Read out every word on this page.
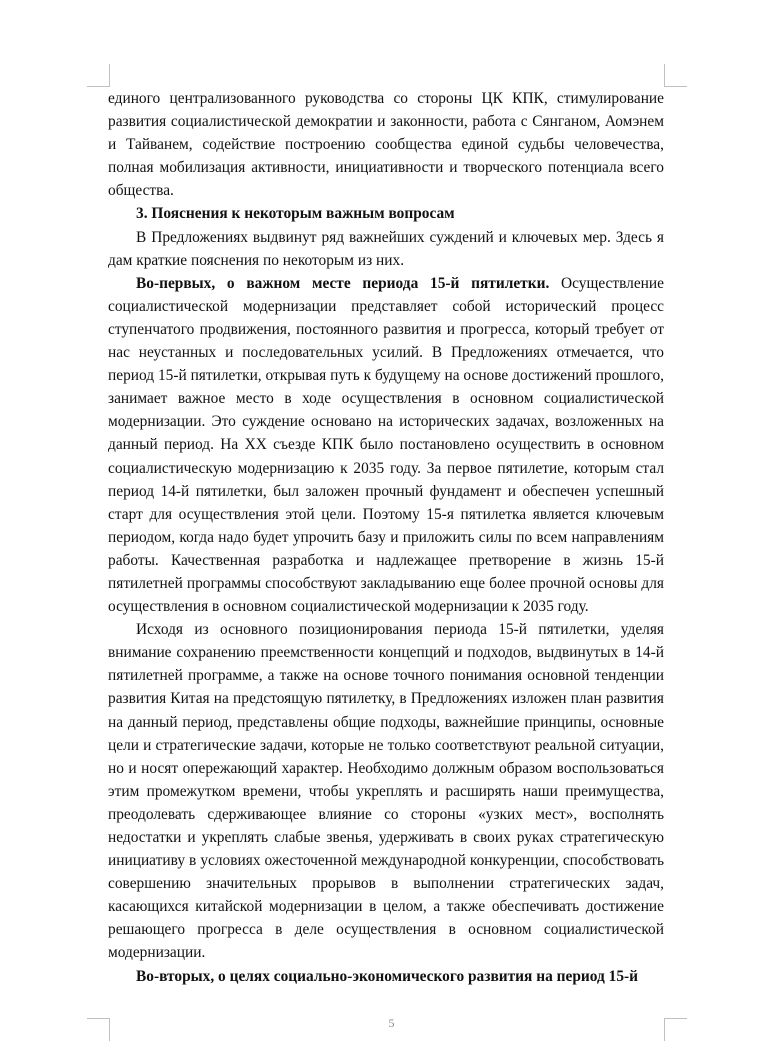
единого централизованного руководства со стороны ЦК КПК, стимулирование развития социалистической демократии и законности, работа с Сянганом, Аомэнем и Тайванем, содействие построению сообщества единой судьбы человечества, полная мобилизация активности, инициативности и творческого потенциала всего общества.

3. Пояснения к некоторым важным вопросам

В Предложениях выдвинут ряд важнейших суждений и ключевых мер. Здесь я дам краткие пояснения по некоторым из них.

Во-первых, о важном месте периода 15-й пятилетки. Осуществление социалистической модернизации представляет собой исторический процесс ступенчатого продвижения, постоянного развития и прогресса, который требует от нас неустанных и последовательных усилий. В Предложениях отмечается, что период 15-й пятилетки, открывая путь к будущему на основе достижений прошлого, занимает важное место в ходе осуществления в основном социалистической модернизации. Это суждение основано на исторических задачах, возложенных на данный период. На XX съезде КПК было постановлено осуществить в основном социалистическую модернизацию к 2035 году. За первое пятилетие, которым стал период 14-й пятилетки, был заложен прочный фундамент и обеспечен успешный старт для осуществления этой цели. Поэтому 15-я пятилетка является ключевым периодом, когда надо будет упрочить базу и приложить силы по всем направлениям работы. Качественная разработка и надлежащее претворение в жизнь 15-й пятилетней программы способствуют закладыванию еще более прочной основы для осуществления в основном социалистической модернизации к 2035 году.

Исходя из основного позиционирования периода 15-й пятилетки, уделяя внимание сохранению преемственности концепций и подходов, выдвинутых в 14-й пятилетней программе, а также на основе точного понимания основной тенденции развития Китая на предстоящую пятилетку, в Предложениях изложен план развития на данный период, представлены общие подходы, важнейшие принципы, основные цели и стратегические задачи, которые не только соответствуют реальной ситуации, но и носят опережающий характер. Необходимо должным образом воспользоваться этим промежутком времени, чтобы укреплять и расширять наши преимущества, преодолевать сдерживающее влияние со стороны «узких мест», восполнять недостатки и укреплять слабые звенья, удерживать в своих руках стратегическую инициативу в условиях ожесточенной международной конкуренции, способствовать совершению значительных прорывов в выполнении стратегических задач, касающихся китайской модернизации в целом, а также обеспечивать достижение решающего прогресса в деле осуществления в основном социалистической модернизации.

Во-вторых, о целях социально-экономического развития на период 15-й

5
